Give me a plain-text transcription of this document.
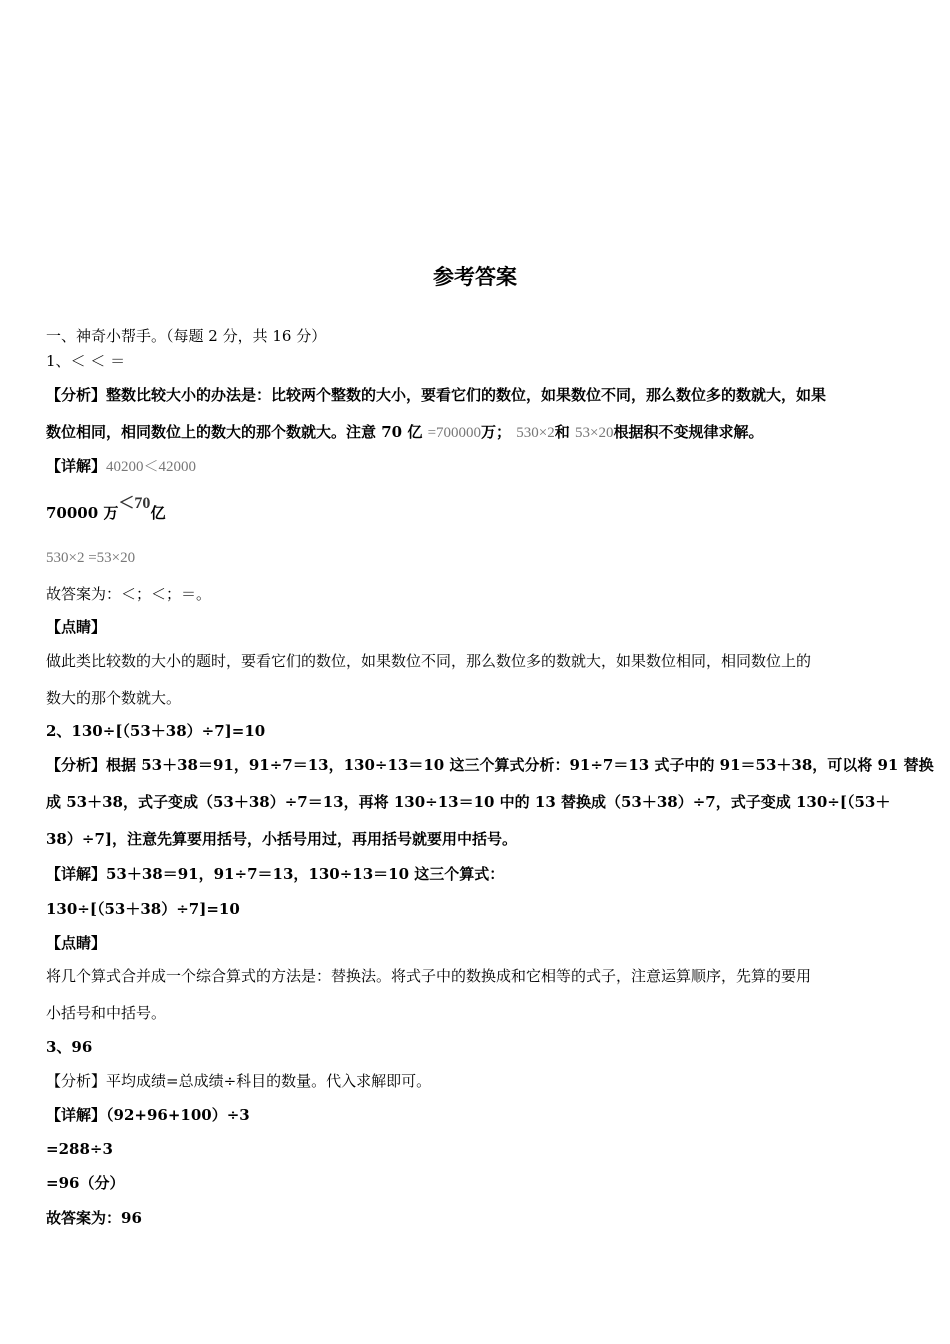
参考答案
一、神奇小帮手。（每题 2 分，共 16 分）
1、＜ ＜ ＝
【分析】整数比较大小的办法是：比较两个整数的大小，要看它们的数位，如果数位不同，那么数位多的数就大，如果
数位相同，相同数位上的数大的那个数就大。注意 70 亿 =700000万； 530×2和 53×20根据积不变规律求解。
【详解】40200＜42000
70000 万＜70亿
530×2 =53×20
故答案为：＜；＜；＝。
【点睛】
做此类比较数的大小的题时，要看它们的数位，如果数位不同，那么数位多的数就大，如果数位相同，相同数位上的
数大的那个数就大。
2、130÷[（53＋38）÷7]=10
【分析】根据 53＋38＝91，91÷7＝13，130÷13＝10 这三个算式分析：91÷7＝13 式子中的 91＝53＋38，可以将 91 替换
成 53＋38，式子变成（53＋38）÷7＝13，再将 130÷13＝10 中的 13 替换成（53＋38）÷7，式子变成 130÷[（53＋
38）÷7]，注意先算要用括号，小括号用过，再用括号就要用中括号。
【详解】53＋38＝91，91÷7＝13，130÷13＝10 这三个算式：
130÷[（53＋38）÷7]=10
【点睛】
将几个算式合并成一个综合算式的方法是：替换法。将式子中的数换成和它相等的式子，注意运算顺序，先算的要用
小括号和中括号。
3、96
【分析】平均成绩=总成绩÷科目的数量。代入求解即可。
【详解】（92+96+100）÷3
=288÷3
=96（分）
故答案为：96
